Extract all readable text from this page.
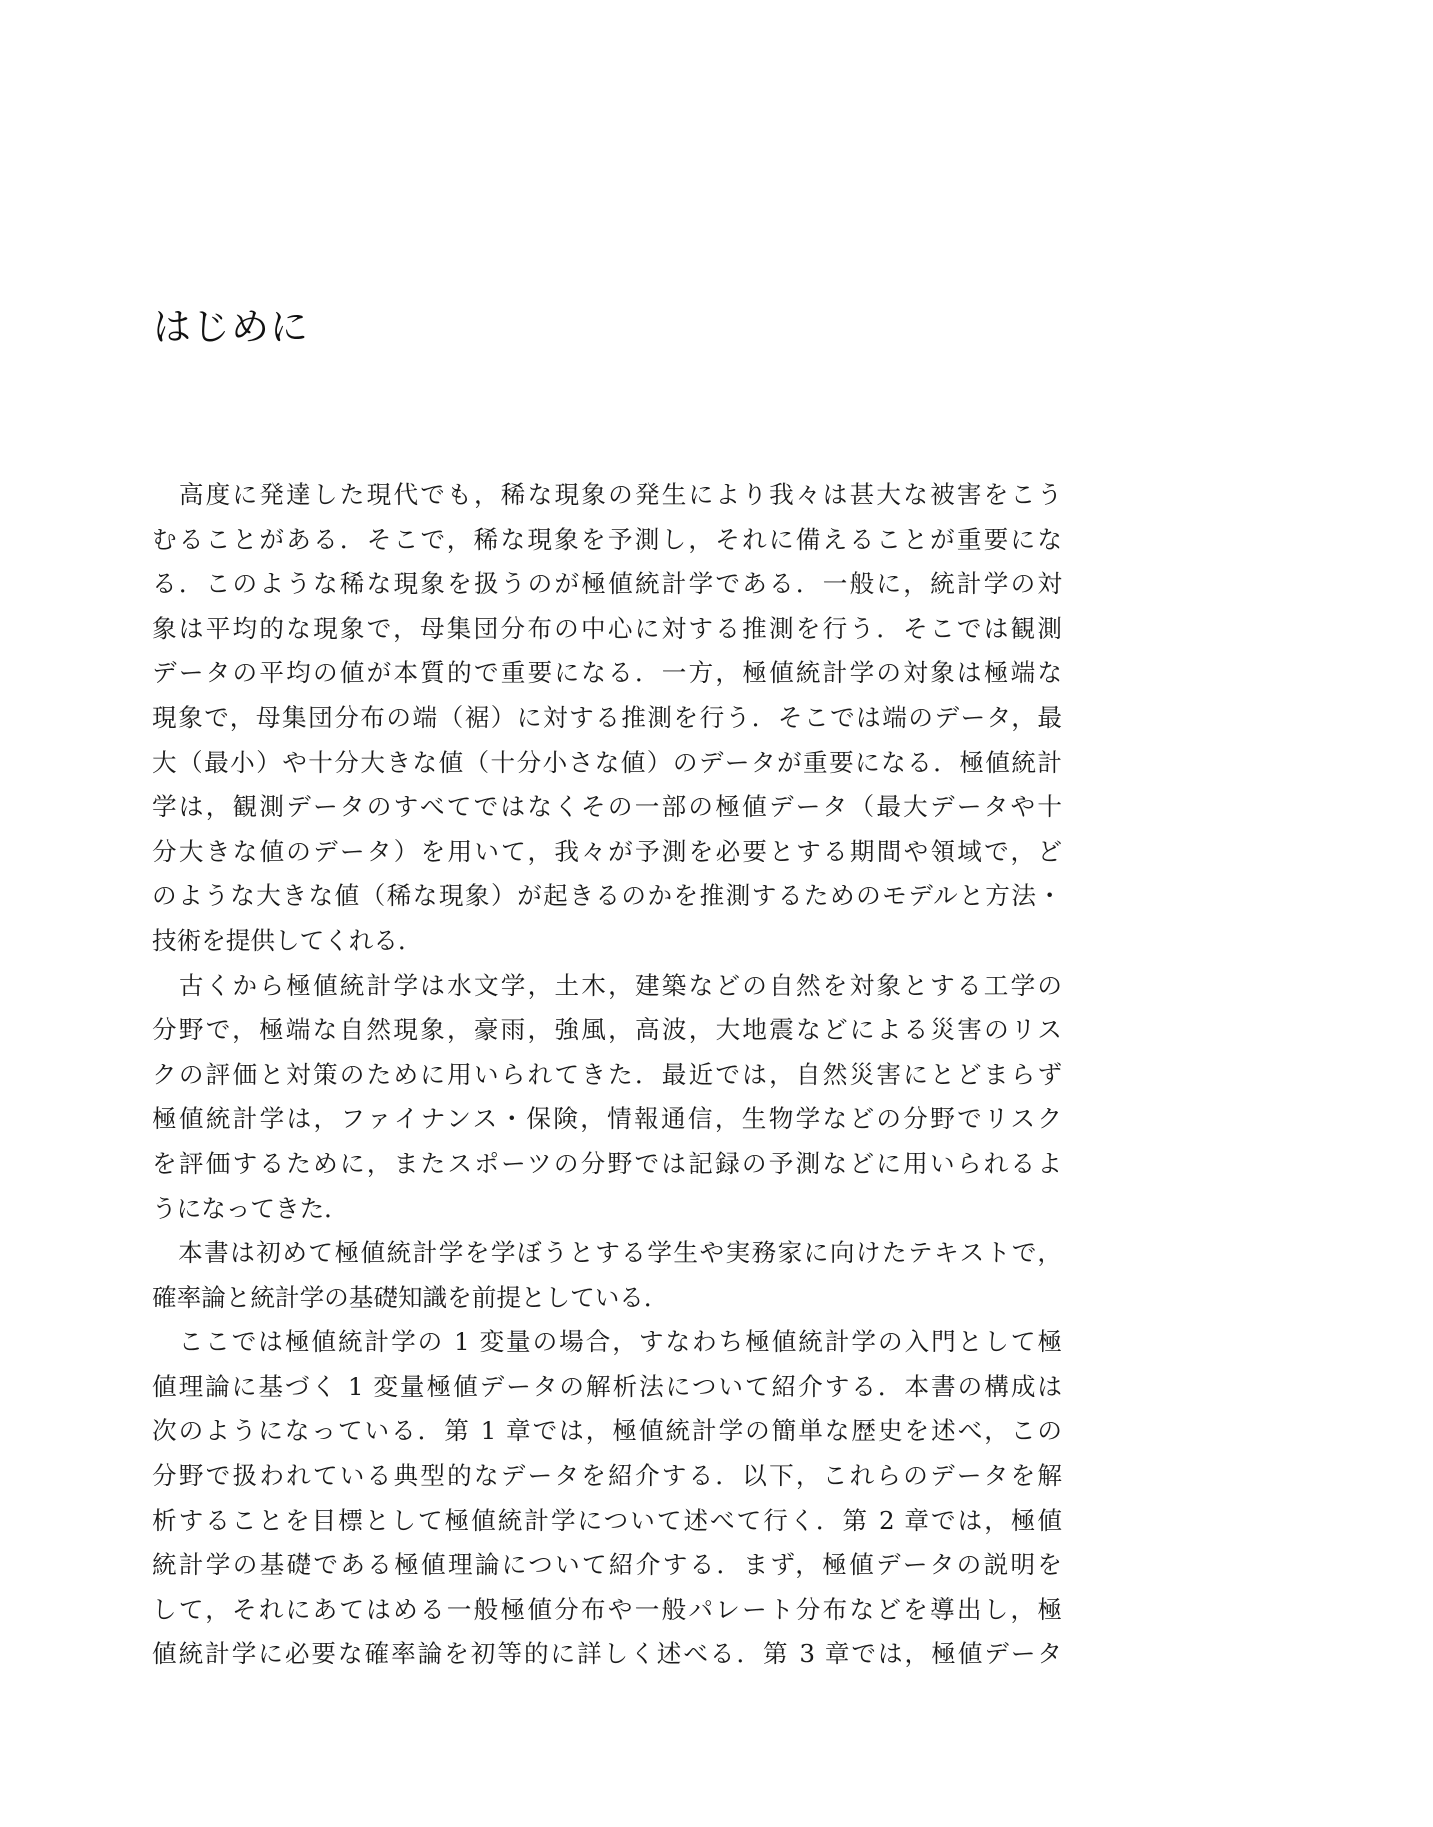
はじめに
　高度に発達した現代でも，稀な現象の発生により我々は甚大な被害をこう
むることがある．そこで，稀な現象を予測し，それに備えることが重要にな
る．このような稀な現象を扱うのが極値統計学である．一般に，統計学の対
象は平均的な現象で，母集団分布の中心に対する推測を行う．そこでは観測
データの平均の値が本質的で重要になる．一方，極値統計学の対象は極端な
現象で，母集団分布の端（裾）に対する推測を行う．そこでは端のデータ，最
大（最小）や十分大きな値（十分小さな値）のデータが重要になる．極値統計
学は，観測データのすべてではなくその一部の極値データ（最大データや十
分大きな値のデータ）を用いて，我々が予測を必要とする期間や領域で，ど
のような大きな値（稀な現象）が起きるのかを推測するためのモデルと方法・
技術を提供してくれる．
　古くから極値統計学は水文学，土木，建築などの自然を対象とする工学の
分野で，極端な自然現象，豪雨，強風，高波，大地震などによる災害のリス
クの評価と対策のために用いられてきた．最近では，自然災害にとどまらず
極値統計学は，ファイナンス・保険，情報通信，生物学などの分野でリスク
を評価するために，またスポーツの分野では記録の予測などに用いられるよ
うになってきた．
　本書は初めて極値統計学を学ぼうとする学生や実務家に向けたテキストで，
確率論と統計学の基礎知識を前提としている．
　ここでは極値統計学の 1 変量の場合，すなわち極値統計学の入門として極
値理論に基づく 1 変量極値データの解析法について紹介する．本書の構成は
次のようになっている．第 1 章では，極値統計学の簡単な歴史を述べ，この
分野で扱われている典型的なデータを紹介する．以下，これらのデータを解
析することを目標として極値統計学について述べて行く．第 2 章では，極値
統計学の基礎である極値理論について紹介する．まず，極値データの説明を
して，それにあてはめる一般極値分布や一般パレート分布などを導出し，極
値統計学に必要な確率論を初等的に詳しく述べる．第 3 章では，極値データ
